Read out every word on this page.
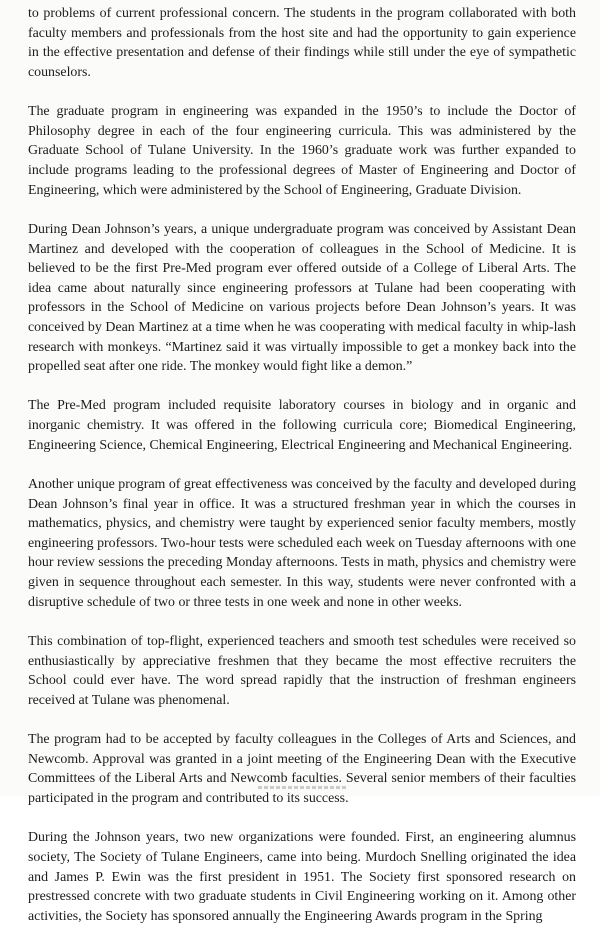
to problems of current professional concern. The students in the program collaborated with both faculty members and professionals from the host site and had the opportunity to gain experience in the effective presentation and defense of their findings while still under the eye of sympathetic counselors.

The graduate program in engineering was expanded in the 1950’s to include the Doctor of Philosophy degree in each of the four engineering curricula. This was administered by the Graduate School of Tulane University. In the 1960’s graduate work was further expanded to include programs leading to the professional degrees of Master of Engineering and Doctor of Engineering, which were administered by the School of Engineering, Graduate Division.

During Dean Johnson’s years, a unique undergraduate program was conceived by Assistant Dean Martinez and developed with the cooperation of colleagues in the School of Medicine. It is believed to be the first Pre-Med program ever offered outside of a College of Liberal Arts. The idea came about naturally since engineering professors at Tulane had been cooperating with professors in the School of Medicine on various projects before Dean Johnson’s years. It was conceived by Dean Martinez at a time when he was cooperating with medical faculty in whip-lash research with monkeys. “Martinez said it was virtually impossible to get a monkey back into the propelled seat after one ride. The monkey would fight like a demon.”

The Pre-Med program included requisite laboratory courses in biology and in organic and inorganic chemistry. It was offered in the following curricula core; Biomedical Engineering, Engineering Science, Chemical Engineering, Electrical Engineering and Mechanical Engineering.

Another unique program of great effectiveness was conceived by the faculty and developed during Dean Johnson’s final year in office. It was a structured freshman year in which the courses in mathematics, physics, and chemistry were taught by experienced senior faculty members, mostly engineering professors. Two-hour tests were scheduled each week on Tuesday afternoons with one hour review sessions the preceding Monday afternoons. Tests in math, physics and chemistry were given in sequence throughout each semester. In this way, students were never confronted with a disruptive schedule of two or three tests in one week and none in other weeks.

This combination of top-flight, experienced teachers and smooth test schedules were received so enthusiastically by appreciative freshmen that they became the most effective recruiters the School could ever have. The word spread rapidly that the instruction of freshman engineers received at Tulane was phenomenal.

The program had to be accepted by faculty colleagues in the Colleges of Arts and Sciences, and Newcomb. Approval was granted in a joint meeting of the Engineering Dean with the Executive Committees of the Liberal Arts and Newcomb faculties. Several senior members of their faculties participated in the program and contributed to its success.

During the Johnson years, two new organizations were founded. First, an engineering alumnus society, The Society of Tulane Engineers, came into being. Murdoch Snelling originated the idea and James P. Ewin was the first president in 1951. The Society first sponsored research on prestressed concrete with two graduate students in Civil Engineering working on it. Among other activities, the Society has sponsored annually the Engineering Awards program in the Spring
